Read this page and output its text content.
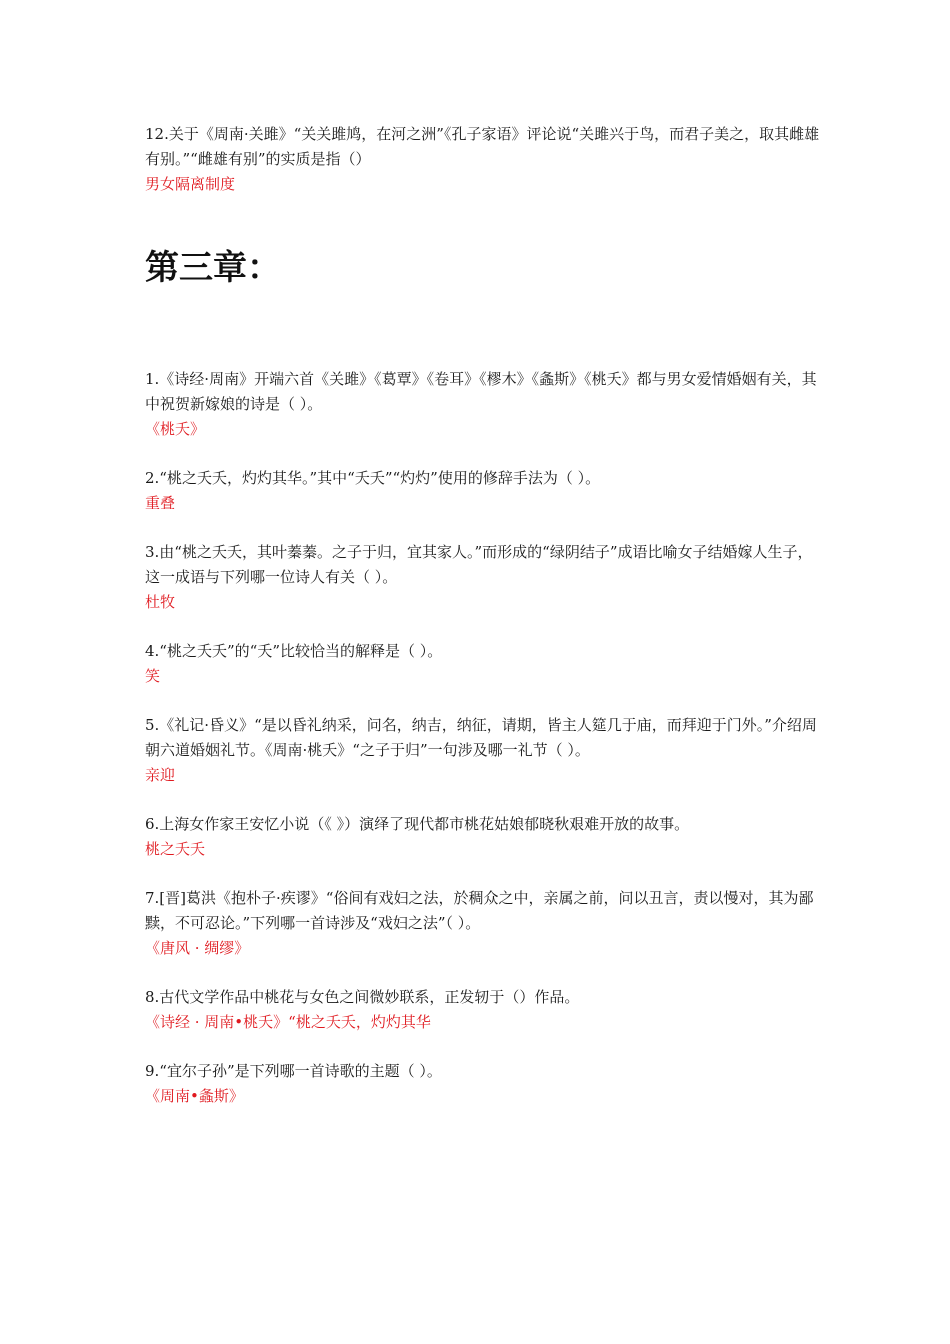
12.关于《周南·关雎》“关关雎鸠，在河之洲”《孔子家语》评论说“关雎兴于鸟，而君子美之，取其雌雄有别。”“雌雄有别”的实质是指（）

男女隔离制度

第三章：

1.《诗经·周南》开端六首《关雎》《葛覃》《卷耳》《樛木》《螽斯》《桃夭》都与男女爱情婚姻有关，其中祝贺新嫁娘的诗是（ ）。

《桃夭》

2.“桃之夭夭，灼灼其华。”其中“夭夭”“灼灼”使用的修辞手法为（ ）。

重叠

3.由“桃之夭夭，其叶蓁蓁。之子于归，宜其家人。”而形成的“绿阴结子”成语比喻女子结婚嫁人生子，这一成语与下列哪一位诗人有关（ ）。

杜牧

4.“桃之夭夭”的“夭”比较恰当的解释是（ ）。

笑

5.《礼记·昏义》“是以昏礼纳采，问名，纳吉，纳征，请期，皆主人筵几于庙，而拜迎于门外。”介绍周朝六道婚姻礼节。《周南·桃夭》“之子于归”一句涉及哪一礼节（ ）。

亲迎

6.上海女作家王安忆小说（《 》）演绎了现代都市桃花姑娘郁晓秋艰难开放的故事。

桃之夭夭

7.[晋]葛洪《抱朴子·疾谬》“俗间有戏妇之法，於稠众之中，亲属之前，问以丑言，责以慢对，其为鄙黩，不可忍论。”下列哪一首诗涉及“戏妇之法”（ ）。

《唐风 · 绸缪》

8.古代文学作品中桃花与女色之间微妙联系，正发轫于（）作品。

《诗经 · 周南•桃夭》“桃之夭夭，灼灼其华

9.“宜尔子孙”是下列哪一首诗歌的主题（ ）。

《周南•螽斯》
